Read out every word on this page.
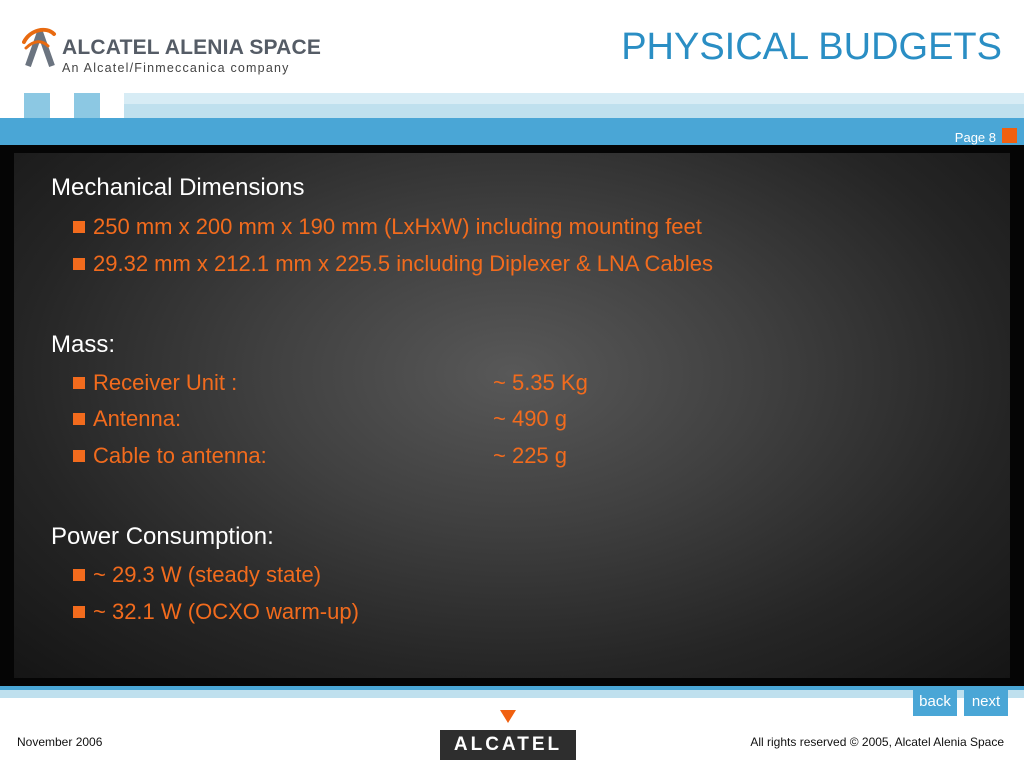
ALCATEL ALENIA SPACE
An Alcatel/Finmeccanica company	PHYSICAL BUDGETS
Page 8
Mechanical Dimensions
250 mm x 200 mm x 190 mm (LxHxW) including mounting feet
29.32 mm x 212.1 mm x 225.5 including Diplexer & LNA Cables
Mass:
Receiver Unit :	~ 5.35 Kg
Antenna:	~ 490 g
Cable to antenna:	~ 225 g
Power Consumption:
~ 29.3 W (steady state)
~ 32.1 W (OCXO warm-up)
back	next
November 2006	ALCATEL	All rights reserved © 2005, Alcatel Alenia Space
